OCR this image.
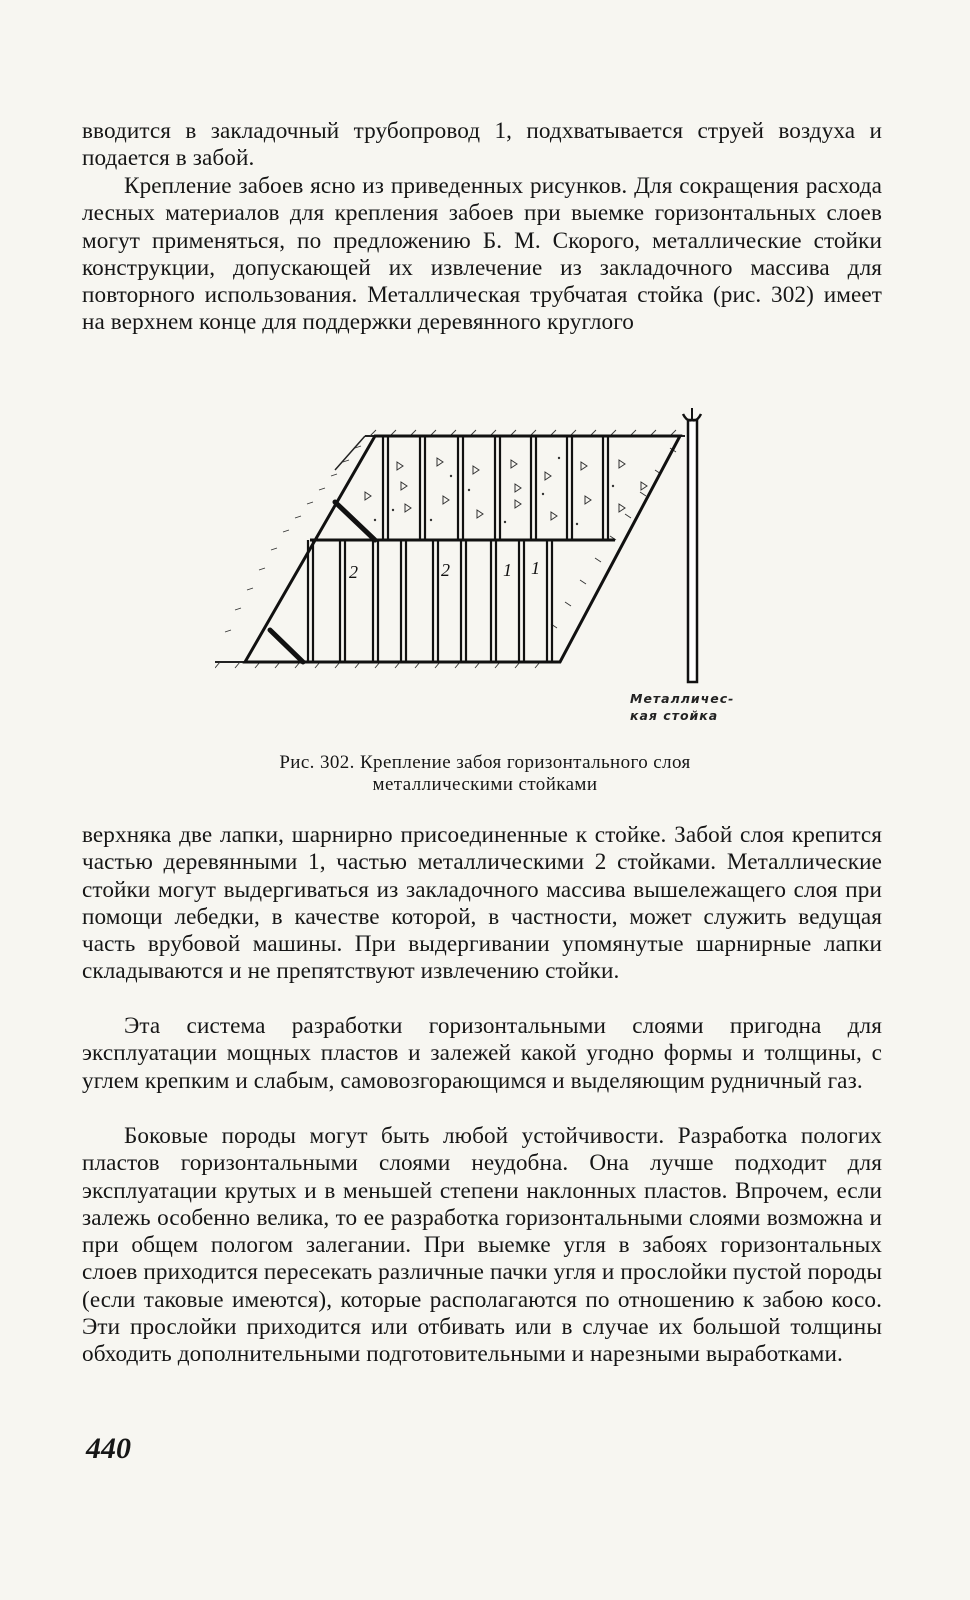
вводится в закладочный трубопровод 1, подхватывается струей воздуха и подается в забой.

Крепление забоев ясно из приведенных рисунков. Для сокращения расхода лесных материалов для крепления забоев при выемке горизонтальных слоев могут применяться, по предложению Б. М. Скорого, металлические стойки конструкции, допускающей их извлечение из закладочного массива для повторного использования. Металлическая трубчатая стойка (рис. 302) имеет на верхнем конце для поддержки деревянного круглого

2	2	1 1
Металличес-
кая стойка
Рис. 302. Крепление забоя горизонтального слоя
металлическими стойками

верхняка две лапки, шарнирно присоединенные к стойке. Забой слоя крепится частью деревянными 1, частью металлическими 2 стойками. Металлические стойки могут выдергиваться из закладочного массива вышележащего слоя при помощи лебедки, в качестве которой, в частности, может служить ведущая часть врубовой машины. При выдергивании упомянутые шарнирные лапки складываются и не препятствуют извлечению стойки.

Эта система разработки горизонтальными слоями пригодна для эксплуатации мощных пластов и залежей какой угодно формы и толщины, с углем крепким и слабым, самовозгорающимся и выделяющим рудничный газ.

Боковые породы могут быть любой устойчивости. Разработка пологих пластов горизонтальными слоями неудобна. Она лучше подходит для эксплуатации крутых и в меньшей степени наклонных пластов. Впрочем, если залежь особенно велика, то ее разработка горизонтальными слоями возможна и при общем пологом залегании. При выемке угля в забоях горизонтальных слоев приходится пересекать различные пачки угля и прослойки пустой породы (если таковые имеются), которые располагаются по отношению к забою косо. Эти прослойки приходится или отбивать или в случае их большой толщины обходить дополнительными подготовительными и нарезными выработками.

440
